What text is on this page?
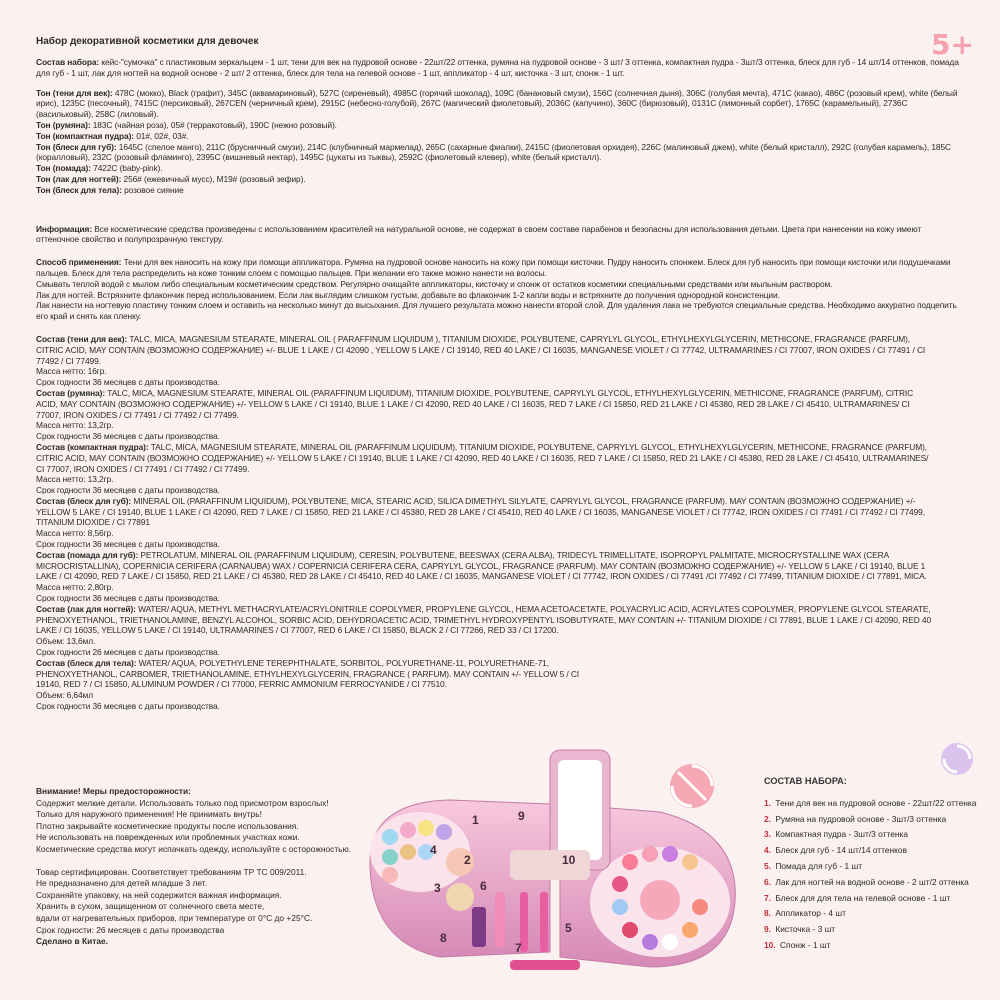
Набор декоративной косметики для девочек

Состав набора: кейс-"сумочка" с пластиковым зеркальцем - 1 шт, тени для век на пудровой основе - 22шт/22 оттенка, румяна на пудровой основе - 3 шт/ 3 оттенка, компактная пудра - 3шт/3 оттенка, блеск для губ - 14 шт/14 оттенков, помада для губ - 1 шт, лак для ногтей на водной основе - 2 шт/ 2 оттенка, блеск для тела на гелевой основе - 1 шт, аппликатор - 4 шт, кисточка - 3 шт, спонж - 1 шт.

Тон (тени для век): 478С (мокко), Black (графит), 345С (аквамариновый), 527С (сиреневый), 4985С (горячий шоколад), 109С (банановый смузи), 156С (солнечная дыня), 306С (голубая мечта), 471С (какао), 486С (розовый крем), white (белый ирис), 1235С (песочный), 7415С (персиковый), 267CEN (черничный крем), 2915С (небесно-голубой), 267С (магический фиолетовый), 2036С (капучино), 360С (бирюзовый), 0131С (лимонный сорбет), 1765С (карамельный), 2736С (васильковый), 258С (лиловый).

Тон (румяна): 183С (чайная роза), 05# (терракотовый), 190С (нежно розовый).

Тон (компактная пудра): 01#, 02#, 03#.

Тон (блеск для губ): 1645С (спелое манго), 211С (брусничный смузи), 214С (клубничный мармелад), 265С (сахарные фиалки), 2415С (фиолетовая орхидея), 226С (малиновый джем), white (белый кристалл), 292С (голубая карамель), 185С (коралловый), 232С (розовый фламинго), 2395С (вишневый нектар), 1495С (цукаты из тыквы), 2592С (фиолетовый клевер), white (белый кристалл).

Тон (помада): 7422С (baby-pink).

Тон (лак для ногтей): 256# (ежевичный мусс), M19# (розовый зефир).

Тон (блеск для тела): розовое сияние

Информация: Все косметические средства произведены с использованием красителей на натуральной основе, не содержат в своем составе парабенов и безопасны для использования детьми. Цвета при нанесении на кожу имеют оттеночное свойство и полупрозрачную текстуру.

Способ применения: Тени для век наносить на кожу при помощи аппликатора. Румяна на пудровой основе наносить на кожу при помощи кисточки. Пудру наносить спонжем. Блеск для губ наносить при помощи кисточки или подушечками пальцев. Блеск для тела распределить на коже тонким слоем с помощью пальцев. При желании его также можно нанести на волосы.

Смывать теплой водой с мылом либо специальным косметическим средством. Регулярно очищайте аппликаторы, кисточку и спонж от остатков косметики специальными средствами или мыльным раствором.

Лак для ногтей. Встряхните флакончик перед использованием. Если лак выглядим слишком густым, добавьте во флакончик 1-2 капли воды и встряхните до получения однородной консистенции.

Лак нанести на ногтевую пластину тонким слоем и оставить на несколько минут до высыхания. Для лучшего результата можно нанести второй слой. Для удаления лака не требуются специальные средства. Необходимо аккуратно подцепить его край и снять как пленку.

Состав (тени для век): TALC, MICA, MAGNESIUM STEARATE, MINERAL OIL ( PARAFFINUM LIQUIDUM ), TITANIUM DIOXIDE, POLYBUTENE, CAPRYLYL GLYCOL, ETHYLHEXYLGLYCERIN, METHICONE, FRAGRANCE (PARFUM), CITRIC ACID, MAY CONTAIN (ВОЗМОЖНО СОДЕРЖАНИЕ) +/- BLUE 1 LAKE / CI 42090 , YELLOW 5 LAKE / CI 19140, RED 40 LAKE / CI 16035, MANGANESE VIOLET / CI 77742, ULTRAMARINES / CI 77007, IRON OXIDES / CI 77491 / CI 77492 / CI 77499.

Масса нетто: 16гр.

Срок годности 36 месяцев с даты производства.

Состав (румяна): TALC, MICA, MAGNESIUM STEARATE, MINERAL OIL (PARAFFINUM LIQUIDUM), TITANIUM DIOXIDE, POLYBUTENE, CAPRYLYL GLYCOL, ETHYLHEXYLGLYCERIN, METHICONE, FRAGRANCE (PARFUM), CITRIC ACID, MAY CONTAIN (ВОЗМОЖНО СОДЕРЖАНИЕ) +/- YELLOW 5 LAKE / CI 19140, BLUE 1 LAKE / CI 42090, RED 40 LAKE / CI 16035, RED 7 LAKE / CI 15850, RED 21 LAKE / CI 45380, RED 28 LAKE / CI 45410, ULTRAMARINES/ CI 77007, IRON OXIDES / CI 77491 / CI 77492 / CI 77499.

Масса нетто: 13,2гр.

Срок годности 36 месяцев с даты производства.

Состав (компактная пудра): TALC, MICA, MAGNESIUM STEARATE, MINERAL OIL (PARAFFINUM LIQUIDUM), TITANIUM DIOXIDE, POLYBUTENE, CAPRYLYL GLYCOL, ETHYLHEXYLGLYCERIN, METHICONE, FRAGRANCE (PARFUM), CITRIC ACID, MAY CONTAIN (ВОЗМОЖНО СОДЕРЖАНИЕ) +/- YELLOW 5 LAKE / CI 19140, BLUE 1 LAKE / CI 42090, RED 40 LAKE / CI 16035, RED 7 LAKE / CI 15850, RED 21 LAKE / CI 45380, RED 28 LAKE / CI 45410, ULTRAMARINES/ CI 77007, IRON OXIDES / CI 77491 / CI 77492 / CI 77499.

Масса нетто: 13,2гр.

Срок годности 36 месяцев с даты производства.

Состав (блеск для губ): MINERAL OIL (PARAFFINUM LIQUIDUM), POLYBUTENE, MICA, STEARIC ACID, SILICA DIMETHYL SILYLATE, CAPRYLYL GLYCOL, FRAGRANCE (PARFUM). MAY CONTAIN (ВОЗМОЖНО СОДЕРЖАНИЕ) +/- YELLOW 5 LAKE / CI 19140, BLUE 1 LAKE / CI 42090, RED 7 LAKE / CI 15850, RED 21 LAKE / CI 45380, RED 28 LAKE / CI 45410, RED 40 LAKE / CI 16035, MANGANESE VIOLET / CI 77742, IRON OXIDES / CI 77491 / CI 77492 / CI 77499, TITANIUM DIOXIDE / CI 77891

Масса нетто: 8,56гр.

Срок годности 36 месяцев с даты производства.

Состав (помада для губ): PETROLATUM, MINERAL OIL (PARAFFINUM LIQUIDUM), CERESIN, POLYBUTENE, BEESWAX (CERA ALBA), TRIDECYL TRIMELLITATE, ISOPROPYL PALMITATE, MICROCRYSTALLINE WAX (CERA MICROCRISTALLINA), COPERNICIA CERIFERA (CARNAUBA) WAX / COPERNICIA CERIFERA CERA, CAPRYLYL GLYCOL, FRAGRANCE (PARFUM). MAY CONTAIN (ВОЗМОЖНО СОДЕРЖАНИЕ) +/- YELLOW 5 LAKE / CI 19140, BLUE 1 LAKE / CI 42090, RED 7 LAKE / CI 15850, RED 21 LAKE / CI 45380, RED 28 LAKE / CI 45410, RED 40 LAKE / CI 16035, MANGANESE VIOLET / CI 77742, IRON OXIDES / CI 77491 /CI 77492 / CI 77499, TITANIUM DIOXIDE / CI 77891, MICA.

Масса нетто: 2,80гр.

Срок годности 36 месяцев с даты производства.

Состав (лак для ногтей): WATER/ AQUA, METHYL METHACRYLATE/ACRYLONITRILE COPOLYMER, PROPYLENE GLYCOL, HEMA ACETOACETATE, POLYACRYLIC ACID, ACRYLATES COPOLYMER, PROPYLENE GLYCOL STEARATE, PHENOXYETHANOL, TRIETHANOLAMINE, BENZYL ALCOHOL, SORBIC ACID, DEHYDROACETIC ACID, TRIMETHYL HYDROXYPENTYL ISOBUTYRATE, MAY CONTAIN +/- TITANIUM DIOXIDE / CI 77891, BLUE 1 LAKE / CI 42090, RED 40 LAKE / CI 16035, YELLOW 5 LAKE / CI 19140, ULTRAMARINES / CI 77007, RED 6 LAKE / CI 15850, BLACK 2 / CI 77266, RED 33 / CI 17200.

Объем: 13,6мл.

Срок годности 26 месяцев с даты производства.

Состав (блеск для тела): WATER/ AQUA, POLYETHYLENE TEREPHTHALATE, SORBITOL, POLYURETHANE-11, POLYURETHANE-71, PHENOXYETHANOL, CARBOMER, TRIETHANOLAMINE, ETHYLHEXYLGLYCERIN, FRAGRANCE ( PARFUM). MAY CONTAIN +/- YELLOW 5 / CI 19140, RED 7 / CI 15850, ALUMINUM POWDER / CI 77000, FERRIC AMMONIUM FERROCYANIDE / CI 77510.

Объем: 6,64мл

Срок годности 36 месяцев с даты производства.

5+

Внимание! Меры предосторожности:

Содержит мелкие детали. Использовать только под присмотром взрослых!

Только для наружного применения! Не принимать внутрь!

Плотно закрывайте косметические продукты после использования.

Не использовать на поврежденных или проблемных участках кожи.

Косметические средства могут испачкать одежду, используйте с осторожностью.

Товар сертифицирован. Соответствует требованиям ТР ТС 009/2011.

Не предназначено для детей младше 3 лет.

Сохраняйте упаковку, на ней содержится важная информация.

Хранить в сухом, защищенном от солнечного света месте,

вдали от нагревательных приборов, при температуре от 0°С до +25°С.

Срок годности: 26 месяцев с даты производства

Сделано в Китае.

2
3
4
1
5
6
7
8
9
10
СОСТАВ НАБОРА:
1. Тени для век на пудровой основе - 22шт/22 оттенка
2. Румяна на пудровой основе - 3шт/3 оттенка
3. Компактная пудра - 3шт/3 оттенка
4. Блеск для губ - 14 шт/14 оттенков
5. Помада для губ - 1 шт
6. Лак для ногтей на водной основе - 2 шт/2 оттенка
7. Блеск для для тела на гелевой основе - 1 шт
8. Аппликатор - 4 шт
9. Кисточка - 3 шт
10. Спонж - 1 шт
